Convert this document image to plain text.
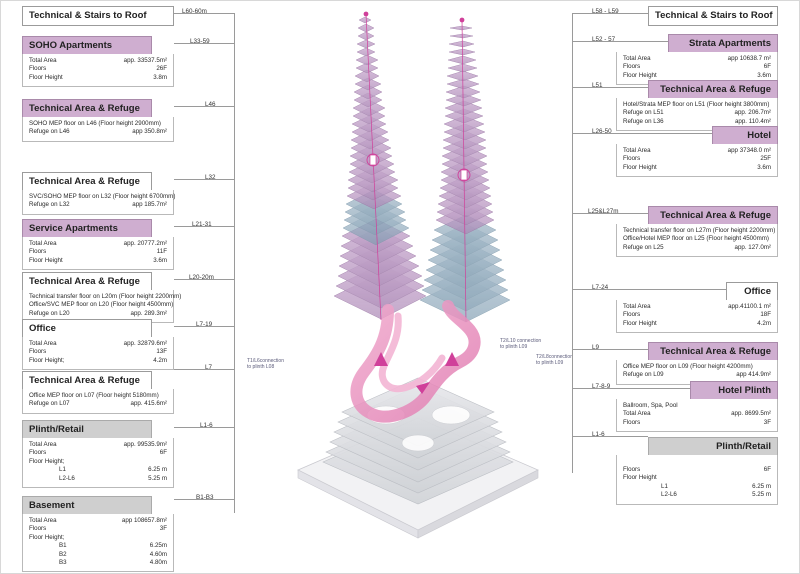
T1/L6connection
to plinth L08
T2/L10 connection
to plinth L09
T2/L8connection
to plinth L09
Technical & Stairs to Roof	L60-60m
SOHO Apartments
Total Area	app. 33537.5m²
Floors	26F
Floor Height	3.8m
L33-59
Technical Area & Refuge
SOHO MEP floor on L46 (Floor height 2900mm)
Refuge on L46	app 350.8m²
L46
Technical Area & Refuge
SVC/SOHO MEP floor on L32 (Floor height 6700mm)
Refuge on L32	app 185.7m²
L32
Service Apartments
Total Area	app. 20777.2m²
Floors	11F
Floor Height	3.6m
L21-31
Technical Area & Refuge
Technical transfer floor on L20m (Floor height 2200mm)
Office/SVC MEP floor on L20 (Floor height 4500mm)
Refuge on L20	app. 289.3m²
L20-20m
Office
Total Area	app. 32879.6m²
Floors	13F
Floor Height;	4.2m
L7-19
Technical Area & Refuge
Office MEP floor on L07 (Floor height 5180mm)
Refuge on L07	app. 415.6m²
L7
Plinth/Retail
Total Area	app. 99535.9m²
Floors	6F
Floor Height;
L1	6.25 m
L2-L6	5.25 m
L1-6
Basement
Total Area	app 108657.8m²
Floors	3F
Floor Height;
B1	6.25m
B2	4.60m
B3	4.80m
B1-B3
Technical & Stairs to Roof
L58 - L59
Strata Apartments
Total Area	app 10638.7 m²
Floors	6F
Floor Height	3.6m
L52 - 57
Technical Area & Refuge
Hotel/Strata MEP floor on L51 (Floor height 3800mm)
Refuge on L51	app. 206.7m²
Refuge on L36	app. 110.4m²
L51
Hotel
Total Area	app 37348.0 m²
Floors	25F
Floor Height	3.6m
L26-50
Technical Area & Refuge
Technical transfer floor on L27m (Floor height 2200mm)
Office/Hotel MEP floor on L25 (Floor height 4500mm)
Refuge on L25	app. 127.0m²
L25&L27m
Office
Total Area	app.41100.1 m²
Floors	18F
Floor Height	4.2m
L7-24
Technical Area & Refuge
Office MEP floor on L09 (Floor height 4200mm)
Refuge on L09	app 414.9m²
L9
Hotel Plinth
Ballroom, Spa, Pool
Total Area	app. 8699.5m²
Floors	3F
L7-8-9
Plinth/Retail
Floors	6F
Floor Height
L1	6.25 m
L2-L6	5.25 m
L1-6
